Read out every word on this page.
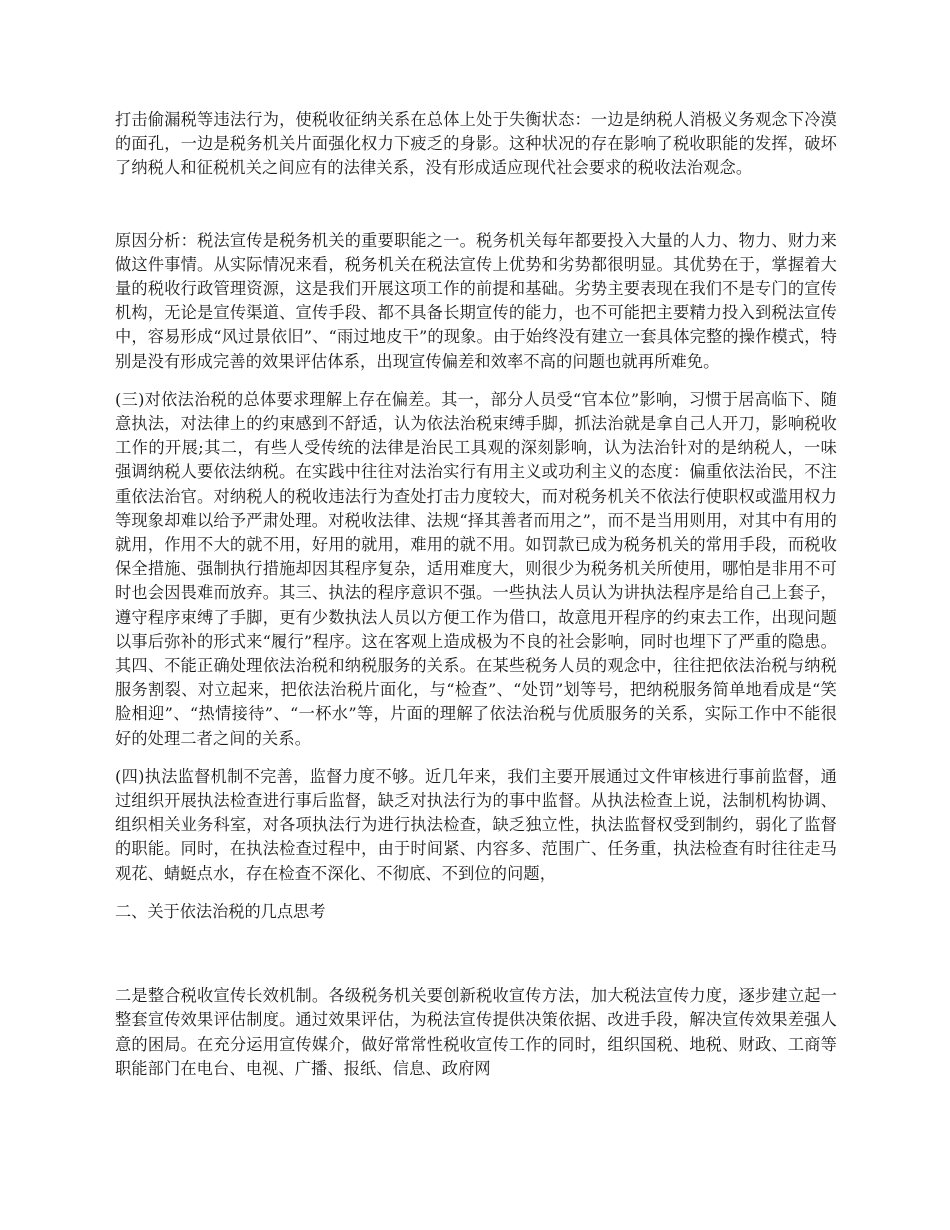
打击偷漏税等违法行为，使税收征纳关系在总体上处于失衡状态：一边是纳税人消极义务观念下冷漠的面孔，一边是税务机关片面强化权力下疲乏的身影。这种状况的存在影响了税收职能的发挥，破坏了纳税人和征税机关之间应有的法律关系，没有形成适应现代社会要求的税收法治观念。

原因分析：税法宣传是税务机关的重要职能之一。税务机关每年都要投入大量的人力、物力、财力来做这件事情。从实际情况来看，税务机关在税法宣传上优势和劣势都很明显。其优势在于，掌握着大量的税收行政管理资源，这是我们开展这项工作的前提和基础。劣势主要表现在我们不是专门的宣传机构，无论是宣传渠道、宣传手段、都不具备长期宣传的能力，也不可能把主要精力投入到税法宣传中，容易形成“风过景依旧”、“雨过地皮干”的现象。由于始终没有建立一套具体完整的操作模式，特别是没有形成完善的效果评估体系，出现宣传偏差和效率不高的问题也就再所难免。

(三)对依法治税的总体要求理解上存在偏差。其一，部分人员受“官本位”影响，习惯于居高临下、随意执法，对法律上的约束感到不舒适，认为依法治税束缚手脚，抓法治就是拿自己人开刀，影响税收工作的开展;其二，有些人受传统的法律是治民工具观的深刻影响，认为法治针对的是纳税人，一味强调纳税人要依法纳税。在实践中往往对法治实行有用主义或功利主义的态度：偏重依法治民，不注重依法治官。对纳税人的税收违法行为查处打击力度较大，而对税务机关不依法行使职权或滥用权力等现象却难以给予严肃处理。对税收法律、法规“择其善者而用之”，而不是当用则用，对其中有用的就用，作用不大的就不用，好用的就用，难用的就不用。如罚款已成为税务机关的常用手段，而税收保全措施、强制执行措施却因其程序复杂，适用难度大，则很少为税务机关所使用，哪怕是非用不可时也会因畏难而放弃。其三、执法的程序意识不强。一些执法人员认为讲执法程序是给自己上套子，遵守程序束缚了手脚，更有少数执法人员以方便工作为借口，故意甩开程序的约束去工作，出现问题以事后弥补的形式来“履行”程序。这在客观上造成极为不良的社会影响，同时也埋下了严重的隐患。其四、不能正确处理依法治税和纳税服务的关系。在某些税务人员的观念中，往往把依法治税与纳税服务割裂、对立起来，把依法治税片面化，与“检查”、“处罚”划等号，把纳税服务简单地看成是“笑脸相迎”、“热情接待”、“一杯水”等，片面的理解了依法治税与优质服务的关系，实际工作中不能很好的处理二者之间的关系。

(四)执法监督机制不完善，监督力度不够。近几年来，我们主要开展通过文件审核进行事前监督，通过组织开展执法检查进行事后监督，缺乏对执法行为的事中监督。从执法检查上说，法制机构协调、组织相关业务科室，对各项执法行为进行执法检查，缺乏独立性，执法监督权受到制约，弱化了监督的职能。同时，在执法检查过程中，由于时间紧、内容多、范围广、任务重，执法检查有时往往走马观花、蜻蜓点水，存在检查不深化、不彻底、不到位的问题，

二、关于依法治税的几点思考

二是整合税收宣传长效机制。各级税务机关要创新税收宣传方法，加大税法宣传力度，逐步建立起一整套宣传效果评估制度。通过效果评估，为税法宣传提供决策依据、改进手段，解决宣传效果差强人意的困局。在充分运用宣传媒介，做好常常性税收宣传工作的同时，组织国税、地税、财政、工商等职能部门在电台、电视、广播、报纸、信息、政府网
